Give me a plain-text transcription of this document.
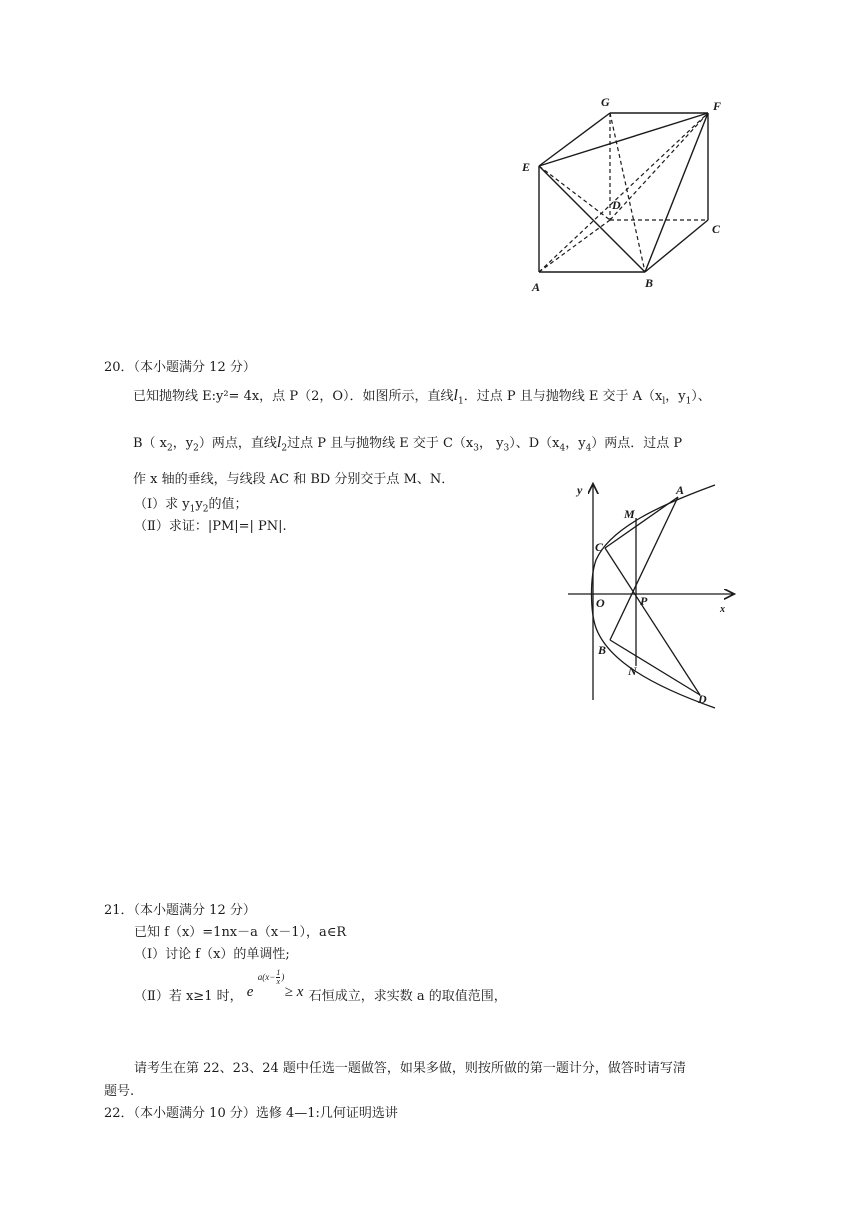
G	F
E
D
C
A	B
20．（本小题满分 12 分）
已知抛物线 E:y²= 4x，点 P（2，O）．如图所示，直线$l_1$．过点 P 且与抛物线 E 交于 $A(x_l$，$y_1$）、
B（ $x_2$，$y_2$）两点，直线$l_2$过点 P 且与抛物线 E 交于 $C(x_3$， $y_3$）、$D(x_4$，$y_4$）两点．过点 P
作 x 轴的垂线，与线段 AC 和 BD 分别交于点 M、N．
（I）求 $y_1y_2$的值；
（Ⅱ）求证：|PM|=| PN|.
y
x
A
M
C
O	P
B
N
D
21．（本小题满分 12 分）
已知 f（x）=1nx－a（x－1），a∈R
（I）讨论 f（x）的单调性;
（Ⅱ）若 x≥1 时， e
$a(x- \frac{1}{x}$ )
≥ x 石恒成立，求实数 a 的取值范围，
请考生在第 22、23、24 题中任选一题做答，如果多做，则按所做的第一题计分，做答时请写清
题号.
22．（本小题满分 10 分）选修 4—1:几何证明选讲
